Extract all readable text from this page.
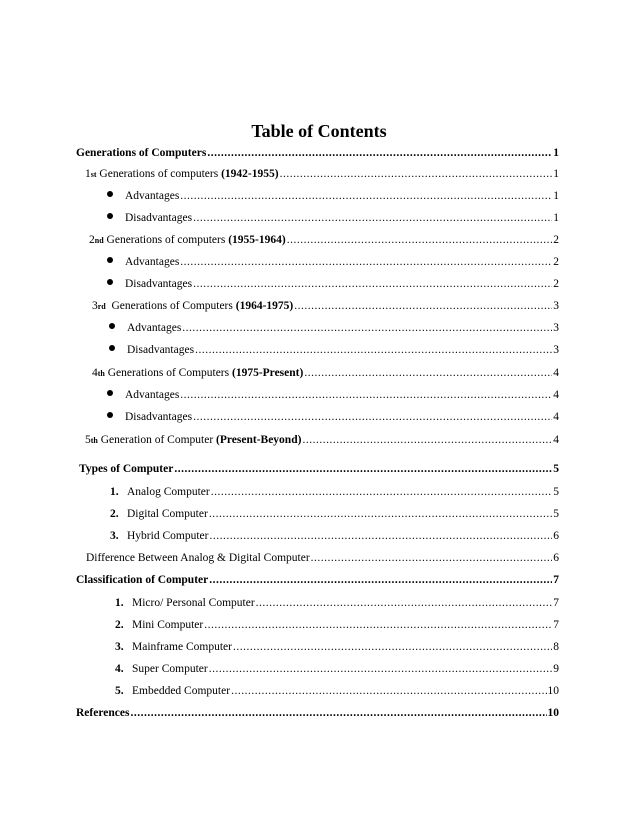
Table of Contents
Generations of Computers .....	1
1 st Generations of computers (1942-1955) .....	1
Advantages .....	1
Disadvantages .....	1
2 nd Generations of computers (1955-1964) .....	2
Advantages .....	2
Disadvantages .....	2
3 rd Generations of Computers (1964-1975) .....	3
Advantages .....	3
Disadvantages .....	3
4 th Generations of Computers (1975-Present) .....	4
Advantages .....	4
Disadvantages .....	4
5 th Generation of Computer (Present-Beyond) .....	4
Types of Computer .....	5
1. Analog Computer .....	5
2. Digital Computer .....	5
3. Hybrid Computer .....	6
Difference Between Analog & Digital Computer .....	6
Classification of Computer .....	7
1. Micro/ Personal Computer .....	7
2. Mini Computer .....	7
3. Mainframe Computer .....	8
4. Super Computer .....	9
5. Embedded Computer .....	10
References .....	10
